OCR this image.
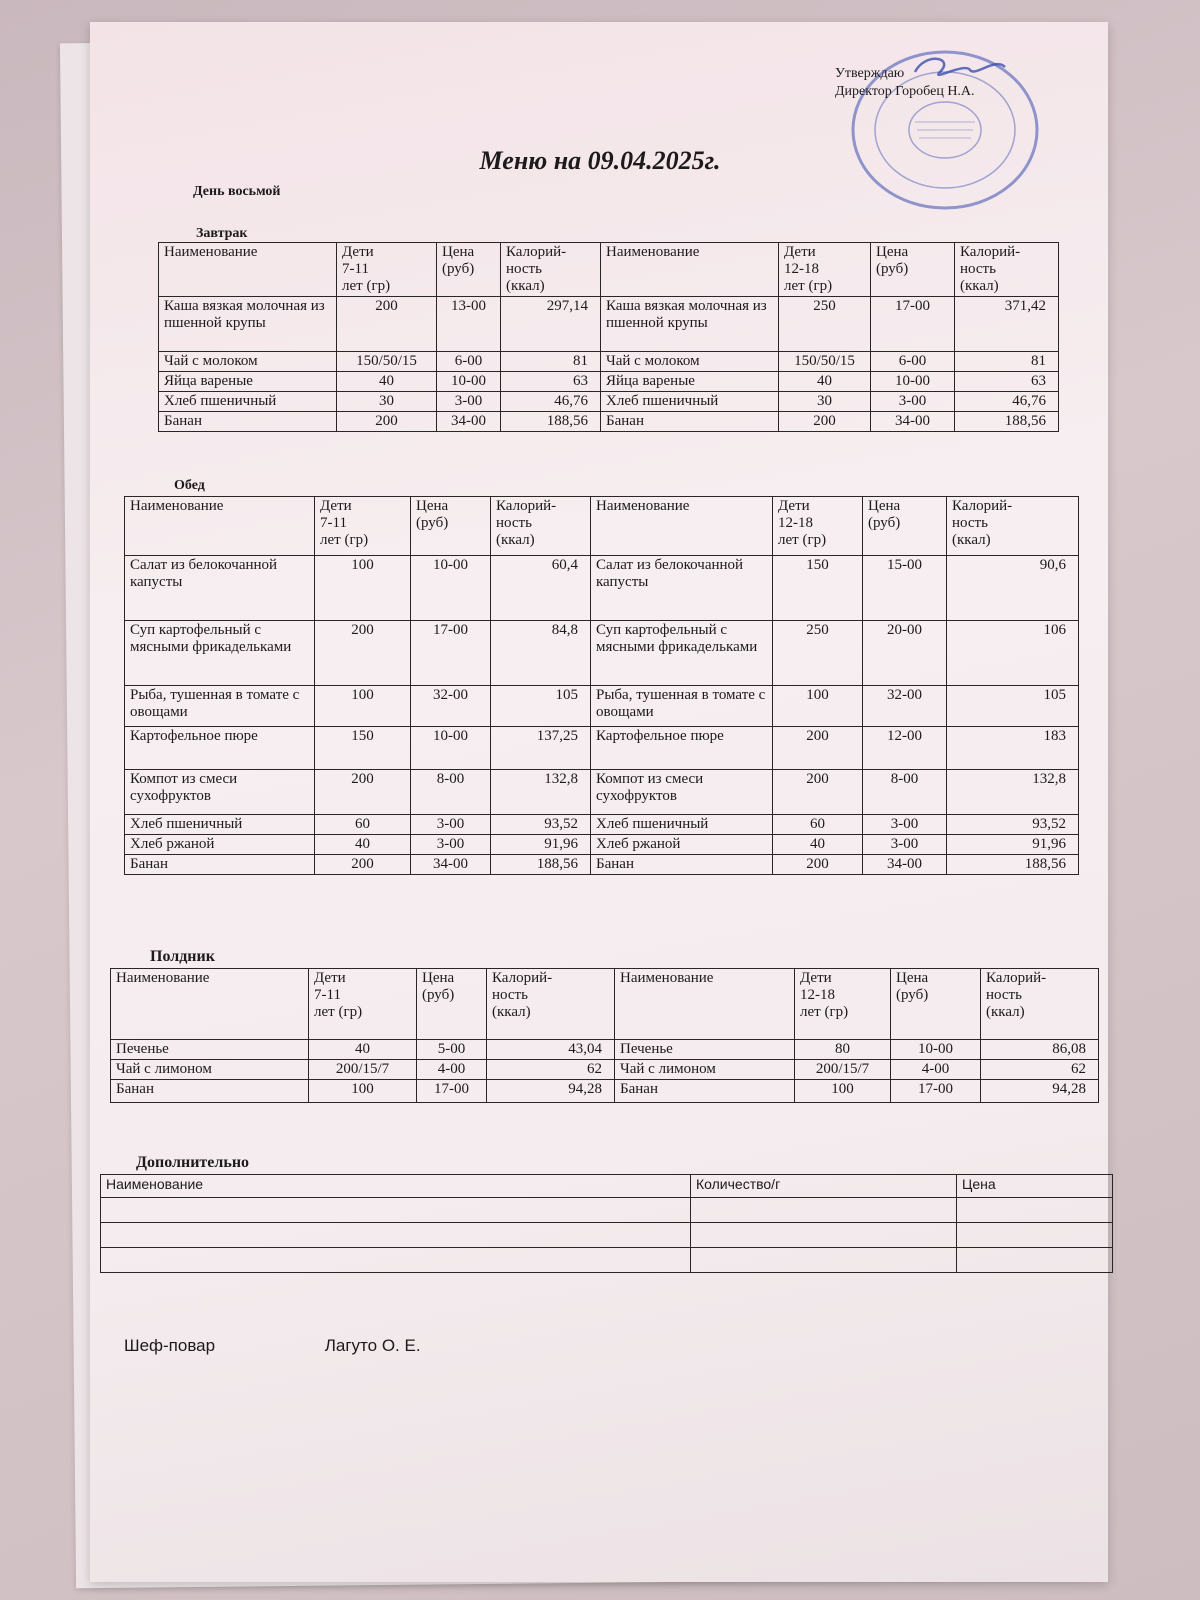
Утверждаю
Директор Горобец Н.А.
Меню на 09.04.2025г.
День восьмой
Завтрак
Наименование	Дети
7-11
лет (гр)	Цена
(руб)	Калорий-
ность
(ккал)	Наименование	Дети
12-18
лет (гр)	Цена
(руб)	Калорий-
ность
(ккал)
Каша вязкая молочная из пшенной крупы	200	13-00	297,14	Каша вязкая молочная из пшенной крупы	250	17-00	371,42
Чай с молоком	150/50/15	6-00	81	Чай с молоком	150/50/15	6-00	81
Яйца вареные	40	10-00	63	Яйца вареные	40	10-00	63
Хлеб пшеничный	30	3-00	46,76	Хлеб пшеничный	30	3-00	46,76
Банан	200	34-00	188,56	Банан	200	34-00	188,56
Обед
Наименование	Дети
7-11
лет (гр)	Цена
(руб)	Калорий-
ность
(ккал)	Наименование	Дети
12-18
лет (гр)	Цена
(руб)	Калорий-
ность
(ккал)
Салат из белокочанной капусты	100	10-00	60,4	Салат из белокочанной капусты	150	15-00	90,6
Суп картофельный с мясными фрикадельками	200	17-00	84,8	Суп картофельный с мясными фрикадельками	250	20-00	106
Рыба, тушенная в томате с овощами	100	32-00	105	Рыба, тушенная в томате с овощами	100	32-00	105
Картофельное пюре	150	10-00	137,25	Картофельное пюре	200	12-00	183
Компот из смеси сухофруктов	200	8-00	132,8	Компот из смеси сухофруктов	200	8-00	132,8
Хлеб пшеничный	60	3-00	93,52	Хлеб пшеничный	60	3-00	93,52
Хлеб ржаной	40	3-00	91,96	Хлеб ржаной	40	3-00	91,96
Банан	200	34-00	188,56	Банан	200	34-00	188,56
Полдник
Наименование	Дети
7-11
лет (гр)	Цена
(руб)	Калорий-
ность
(ккал)	Наименование	Дети
12-18
лет (гр)	Цена
(руб)	Калорий-
ность
(ккал)
Печенье	40	5-00	43,04	Печенье	80	10-00	86,08
Чай с лимоном	200/15/7	4-00	62	Чай с лимоном	200/15/7	4-00	62
Банан	100	17-00	94,28	Банан	100	17-00	94,28
Дополнительно
Наименование	Количество/г	Цена

Шеф-повар	Лагуто О. Е.
